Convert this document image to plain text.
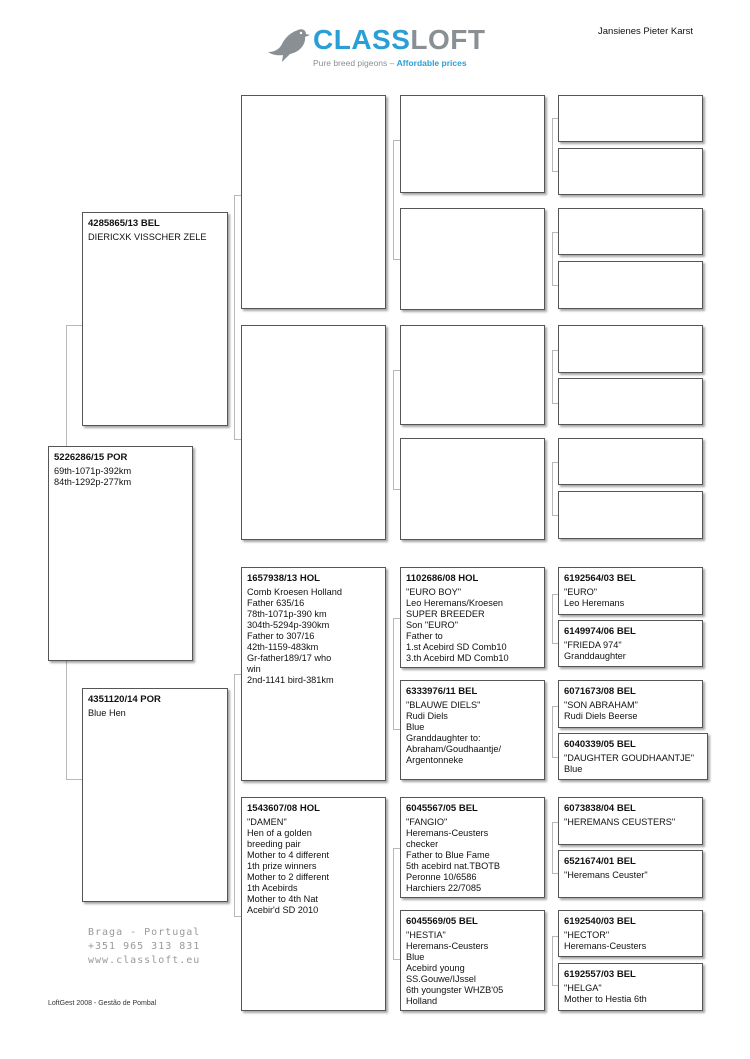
CLASSLOFT
Pure breed pigeons – Affordable prices
Jansienes Pieter Karst
5226286/15 POR
69th-1071p-392km
84th-1292p-277km
4285865/13 BEL
DIERICXK VISSCHER ZELE
4351120/14 POR
Blue Hen
1657938/13 HOL
Comb Kroesen Holland
Father 635/16
78th-1071p-390 km
304th-5294p-390km
Father to 307/16
42th-1159-483km
Gr-father189/17 who
win
2nd-1141 bird-381km
1543607/08 HOL
"DAMEN"
Hen of a golden
breeding pair
Mother to 4 different
1th prize winners
Mother to 2 different
1th Acebirds
Mother to 4th Nat
Acebir'd SD 2010
1102686/08 HOL
"EURO BOY"
Leo Heremans/Kroesen
SUPER BREEDER
Son "EURO"
Father to
1.st Acebird SD Comb10
3.th Acebird MD Comb10
6333976/11 BEL
"BLAUWE DIELS"
Rudi Diels
Blue
Granddaughter to:
Abraham/Goudhaantje/
Argentonneke
6045567/05 BEL
"FANGIO"
Heremans-Ceusters
checker
Father to Blue Fame
5th acebird nat.TBOTB
Peronne 10/6586
Harchiers 22/7085
6045569/05 BEL
"HESTIA"
Heremans-Ceusters
Blue
Acebird young
SS.Gouwe/IJssel
6th youngster WHZB'05
Holland
6192564/03 BEL
"EURO"
Leo Heremans
6149974/06 BEL
"FRIEDA 974"
Granddaughter
6071673/08 BEL
"SON ABRAHAM"
Rudi Diels Beerse
6040339/05 BEL
"DAUGHTER GOUDHAANTJE"
Blue
6073838/04 BEL
"HEREMANS CEUSTERS"
6521674/01 BEL
"Heremans Ceuster"
6192540/03 BEL
"HECTOR"
Heremans-Ceusters
6192557/03 BEL
"HELGA"
Mother to Hestia 6th
Braga - Portugal
+351 965 313 831
www.classloft.eu
LoftGest 2008 - Gestão de Pombal
